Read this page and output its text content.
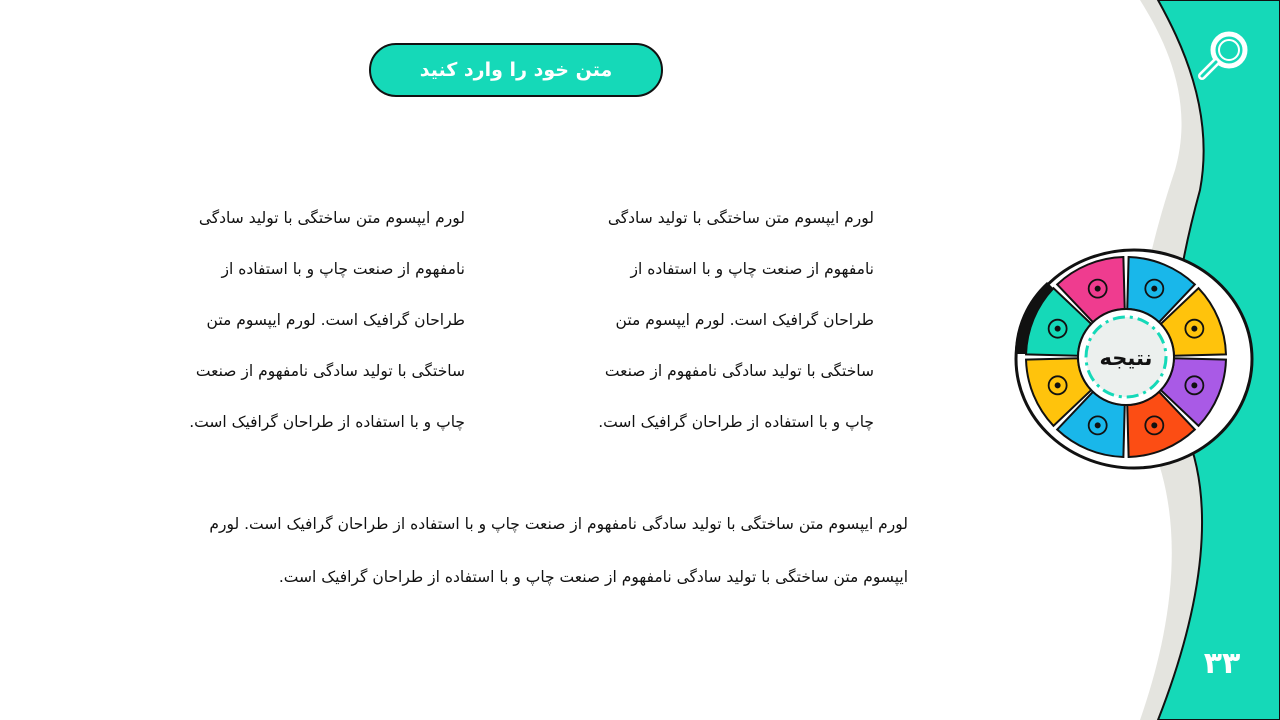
متن خود را وارد کنید
لورم ایپسوم متن ساختگی با تولید سادگی
نامفهوم از صنعت چاپ و با استفاده از
طراحان گرافیک است. لورم ایپسوم متن
ساختگی با تولید سادگی نامفهوم از صنعت
چاپ و با استفاده از طراحان گرافیک است.
لورم ایپسوم متن ساختگی با تولید سادگی
نامفهوم از صنعت چاپ و با استفاده از
طراحان گرافیک است. لورم ایپسوم متن
ساختگی با تولید سادگی نامفهوم از صنعت
چاپ و با استفاده از طراحان گرافیک است.
لورم ایپسوم متن ساختگی با تولید سادگی نامفهوم از صنعت چاپ و با استفاده از طراحان گرافیک است. لورم
ایپسوم متن ساختگی با تولید سادگی نامفهوم از صنعت چاپ و با استفاده از طراحان گرافیک است.
نتیجه
۳۳
